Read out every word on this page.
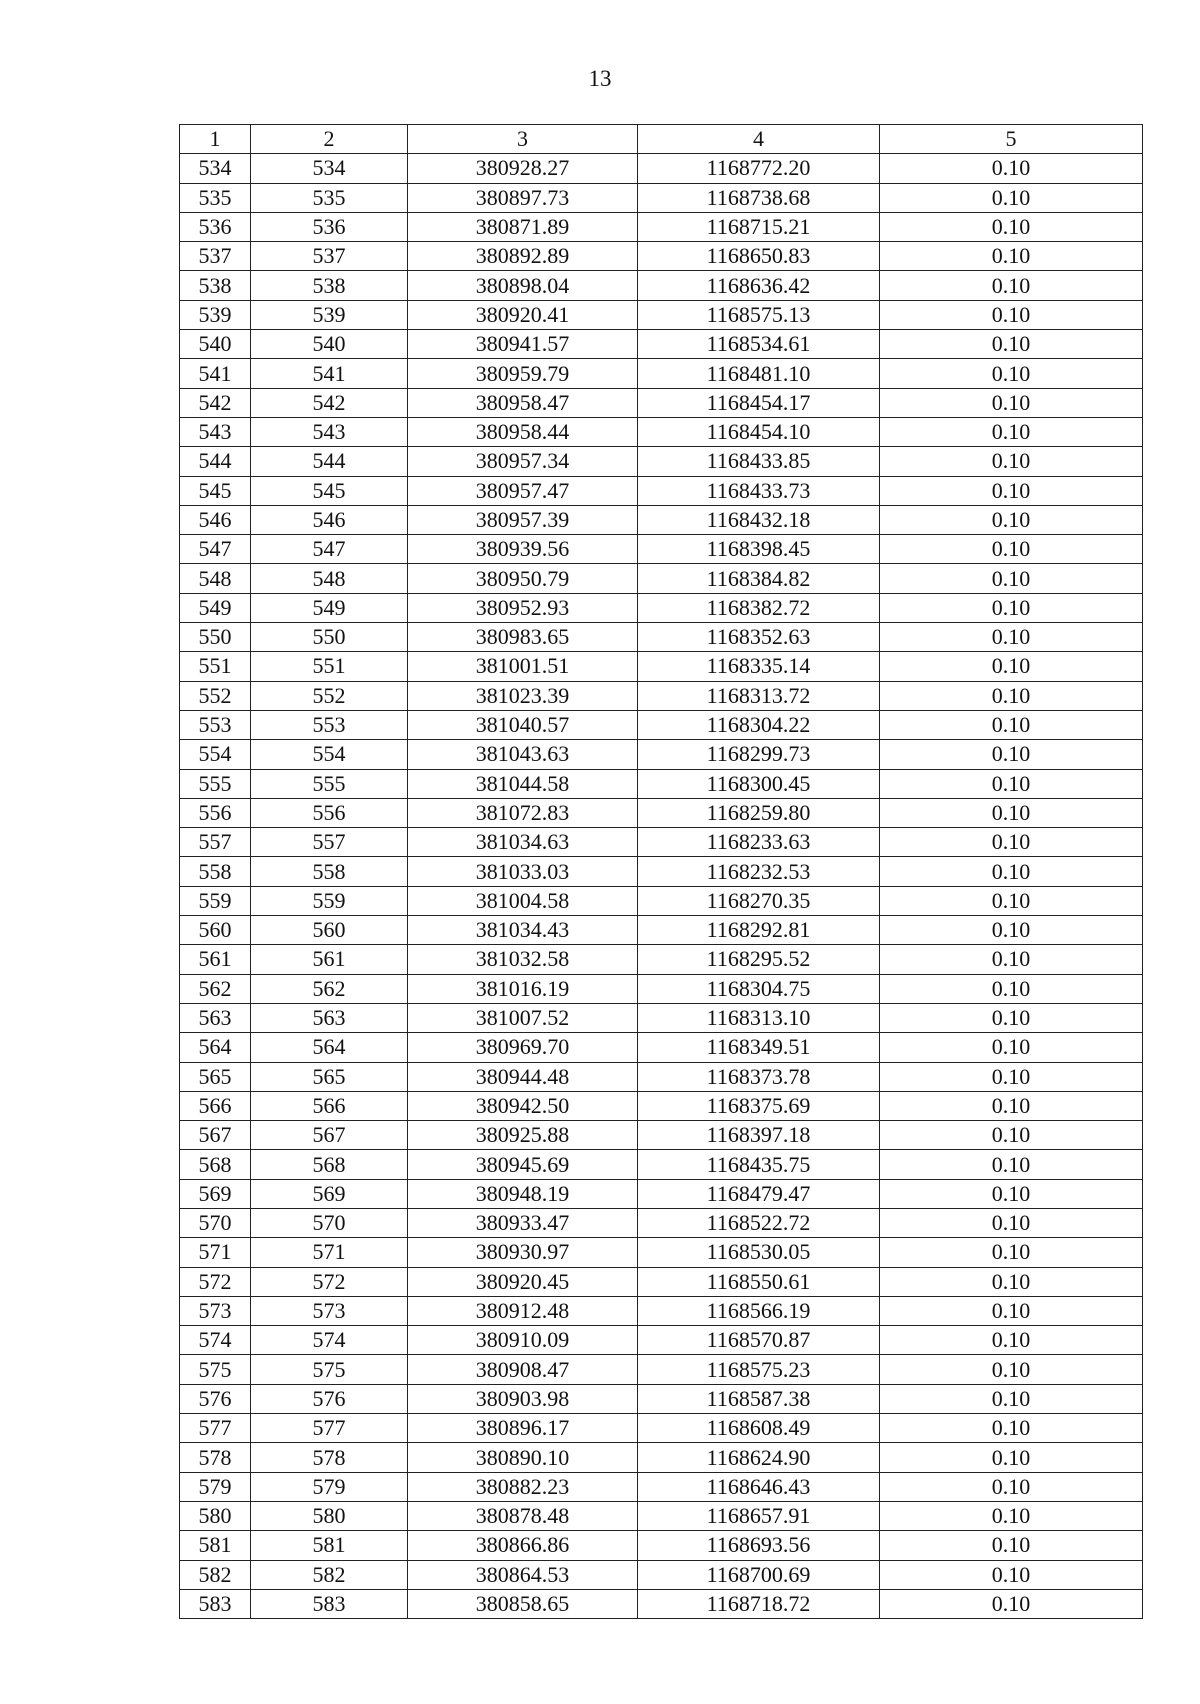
13
1	2	3	4	5
534	534	380928.27	1168772.20	0.10
535	535	380897.73	1168738.68	0.10
536	536	380871.89	1168715.21	0.10
537	537	380892.89	1168650.83	0.10
538	538	380898.04	1168636.42	0.10
539	539	380920.41	1168575.13	0.10
540	540	380941.57	1168534.61	0.10
541	541	380959.79	1168481.10	0.10
542	542	380958.47	1168454.17	0.10
543	543	380958.44	1168454.10	0.10
544	544	380957.34	1168433.85	0.10
545	545	380957.47	1168433.73	0.10
546	546	380957.39	1168432.18	0.10
547	547	380939.56	1168398.45	0.10
548	548	380950.79	1168384.82	0.10
549	549	380952.93	1168382.72	0.10
550	550	380983.65	1168352.63	0.10
551	551	381001.51	1168335.14	0.10
552	552	381023.39	1168313.72	0.10
553	553	381040.57	1168304.22	0.10
554	554	381043.63	1168299.73	0.10
555	555	381044.58	1168300.45	0.10
556	556	381072.83	1168259.80	0.10
557	557	381034.63	1168233.63	0.10
558	558	381033.03	1168232.53	0.10
559	559	381004.58	1168270.35	0.10
560	560	381034.43	1168292.81	0.10
561	561	381032.58	1168295.52	0.10
562	562	381016.19	1168304.75	0.10
563	563	381007.52	1168313.10	0.10
564	564	380969.70	1168349.51	0.10
565	565	380944.48	1168373.78	0.10
566	566	380942.50	1168375.69	0.10
567	567	380925.88	1168397.18	0.10
568	568	380945.69	1168435.75	0.10
569	569	380948.19	1168479.47	0.10
570	570	380933.47	1168522.72	0.10
571	571	380930.97	1168530.05	0.10
572	572	380920.45	1168550.61	0.10
573	573	380912.48	1168566.19	0.10
574	574	380910.09	1168570.87	0.10
575	575	380908.47	1168575.23	0.10
576	576	380903.98	1168587.38	0.10
577	577	380896.17	1168608.49	0.10
578	578	380890.10	1168624.90	0.10
579	579	380882.23	1168646.43	0.10
580	580	380878.48	1168657.91	0.10
581	581	380866.86	1168693.56	0.10
582	582	380864.53	1168700.69	0.10
583	583	380858.65	1168718.72	0.10
